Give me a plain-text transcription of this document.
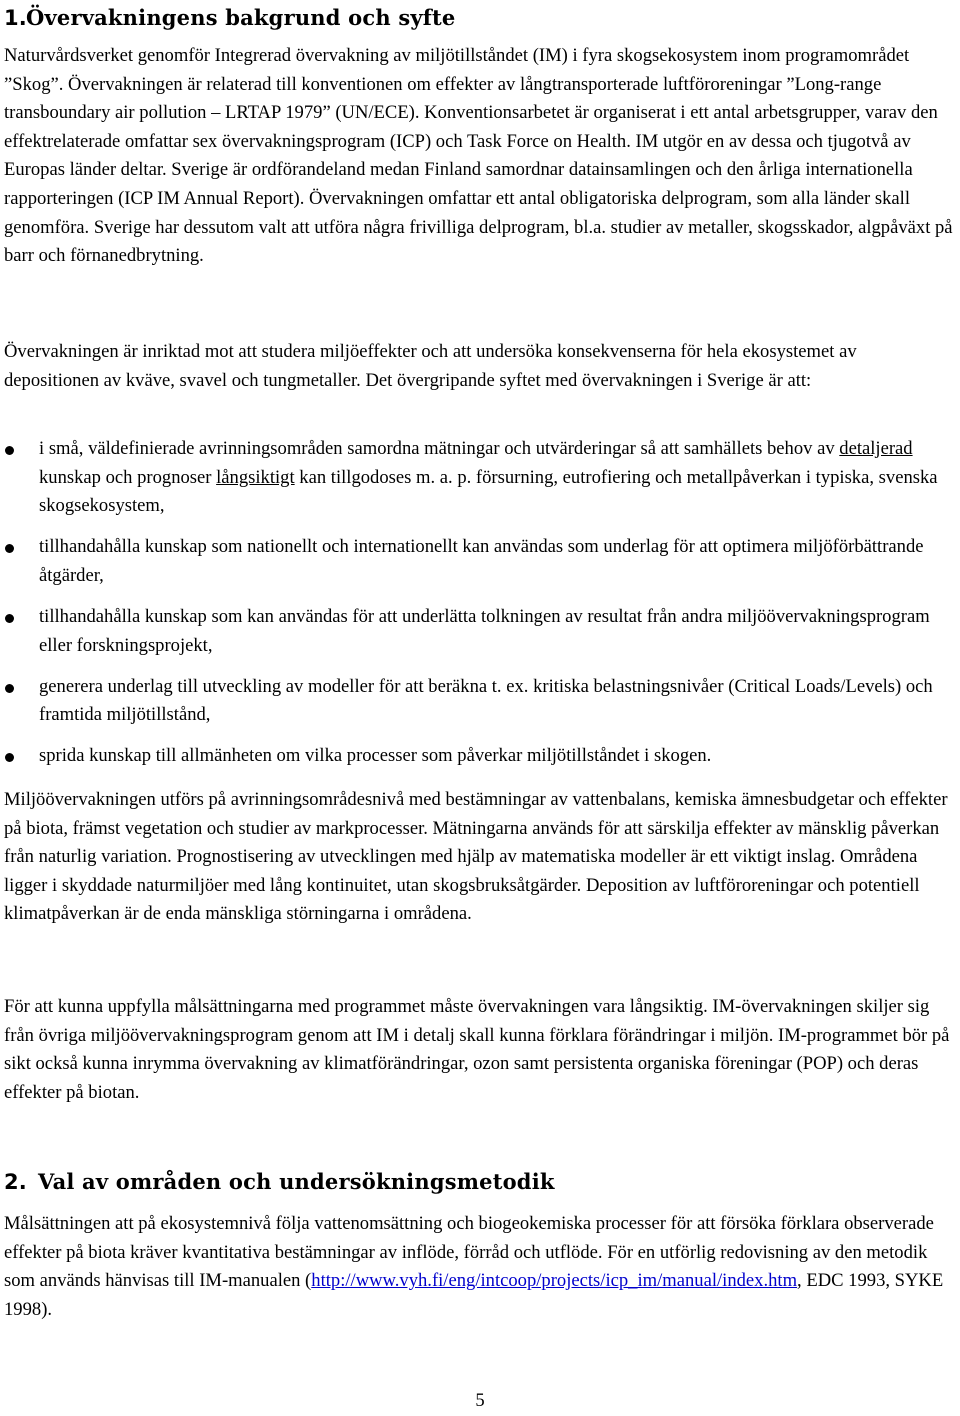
1.Övervakningens bakgrund och syfte

Naturvårdsverket genomför Integrerad övervakning av miljötillståndet (IM) i fyra skogsekosystem inom programområdet ”Skog”. Övervakningen är relaterad till konventionen om effekter av långtransporterade luftföroreningar ”Long-range transboundary air pollution – LRTAP 1979” (UN/ECE). Konventionsarbetet är organiserat i ett antal arbetsgrupper, varav den effektrelaterade omfattar sex övervakningsprogram (ICP) och Task Force on Health. IM utgör en av dessa och tjugotvå av Europas länder deltar. Sverige är ordförandeland medan Finland samordnar datainsamlingen och den årliga internationella rapporteringen (ICP IM Annual Report). Övervakningen omfattar ett antal obligatoriska delprogram, som alla länder skall genomföra. Sverige har dessutom valt att utföra några frivilliga delprogram, bl.a. studier av metaller, skogsskador, algpåväxt på barr och förnanedbrytning.

Övervakningen är inriktad mot att studera miljöeffekter och att undersöka konsekvenserna för hela ekosystemet av depositionen av kväve, svavel och tungmetaller. Det övergripande syftet med övervakningen i Sverige är att:

i små, väldefinierade avrinningsområden samordna mätningar och utvärderingar så att samhällets behov av detaljerad kunskap och prognoser långsiktigt kan tillgodoses m. a. p. försurning, eutrofiering och metallpåverkan i typiska, svenska skogsekosystem,
tillhandahålla kunskap som nationellt och internationellt kan användas som underlag för att optimera miljöförbättrande åtgärder,
tillhandahålla kunskap som kan användas för att underlätta tolkningen av resultat från andra miljöövervakningsprogram eller forskningsprojekt,
generera underlag till utveckling av modeller för att beräkna t. ex. kritiska belastningsnivåer (Critical Loads/Levels) och framtida miljötillstånd,
sprida kunskap till allmänheten om vilka processer som påverkar miljötillståndet i skogen.

Miljöövervakningen utförs på avrinningsområdesnivå med bestämningar av vattenbalans, kemiska ämnesbudgetar och effekter på biota, främst vegetation och studier av markprocesser. Mätningarna används för att särskilja effekter av mänsklig påverkan från naturlig variation. Prognostisering av utvecklingen med hjälp av matematiska modeller är ett viktigt inslag. Områdena ligger i skyddade naturmiljöer med lång kontinuitet, utan skogsbruksåtgärder. Deposition av luftföroreningar och potentiell klimatpåverkan är de enda mänskliga störningarna i områdena.

För att kunna uppfylla målsättningarna med programmet måste övervakningen vara långsiktig. IM-övervakningen skiljer sig från övriga miljöövervakningsprogram genom att IM i detalj skall kunna förklara förändringar i miljön. IM-programmet bör på sikt också kunna inrymma övervakning av klimatförändringar, ozon samt persistenta organiska föreningar (POP) och deras effekter på biotan.

2. Val av områden och undersökningsmetodik

Målsättningen att på ekosystemnivå följa vattenomsättning och biogeokemiska processer för att försöka förklara observerade effekter på biota kräver kvantitativa bestämningar av inflöde, förråd och utflöde. För en utförlig redovisning av den metodik som används hänvisas till IM-manualen (http://www.vyh.fi/eng/intcoop/projects/icp_im/manual/index.htm, EDC 1993, SYKE 1998).

5
